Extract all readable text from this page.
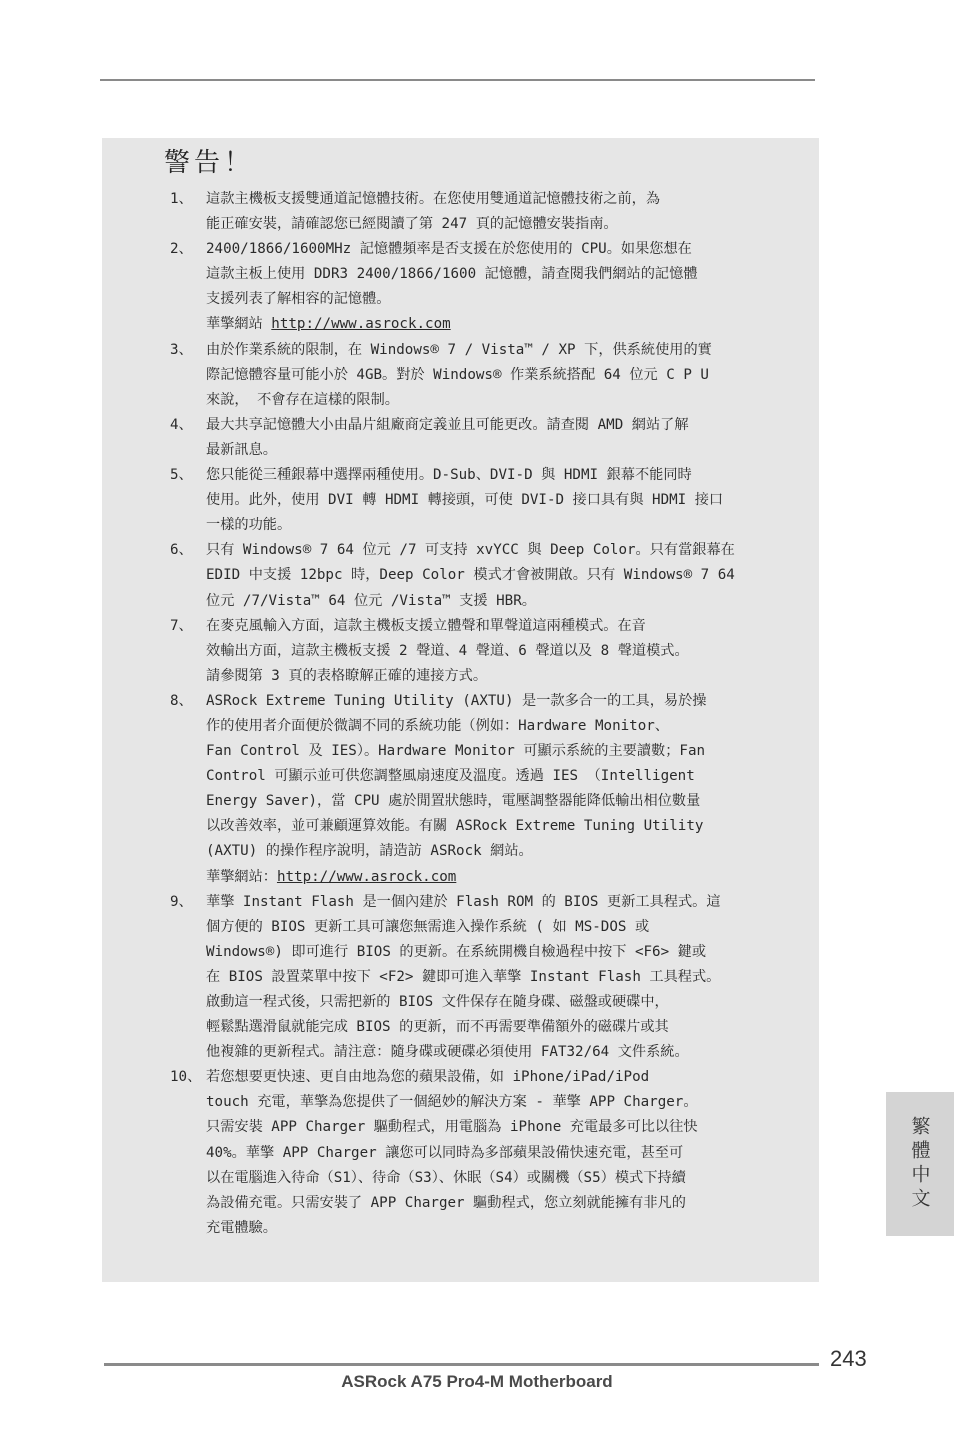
警告！
1、 這款主機板支援雙通道記憶體技術。在您使用雙通道記憶體技術之前，為
能正確安裝，請確認您已經閱讀了第 247 頁的記憶體安裝指南。
2、 2400/1866/1600MHz 記憶體頻率是否支援在於您使用的 CPU。如果您想在
這款主板上使用 DDR3 2400/1866/1600 記憶體，請查閱我們網站的記憶體
支援列表了解相容的記憶體。
華擎網站 http://www.asrock.com
3、 由於作業系統的限制，在 Windows® 7 / Vista™ / XP 下，供系統使用的實
際記憶體容量可能小於 4GB。對於 Windows® 作業系統搭配 64 位元 C P U
來說， 不會存在這樣的限制。
4、 最大共享記憶體大小由晶片組廠商定義並且可能更改。請查閱 AMD 網站了解
最新訊息。
5、 您只能從三種銀幕中選擇兩種使用。D-Sub、DVI-D 與 HDMI 銀幕不能同時
使用。此外，使用 DVI 轉 HDMI 轉接頭，可使 DVI-D 接口具有與 HDMI 接口
一樣的功能。
6、 只有 Windows® 7 64 位元 /7 可支持 xvYCC 與 Deep Color。只有當銀幕在
EDID 中支援 12bpc 時，Deep Color 模式才會被開啟。只有 Windows® 7 64
位元 /7/Vista™ 64 位元 /Vista™ 支援 HBR。
7、 在麥克風輸入方面，這款主機板支援立體聲和單聲道這兩種模式。在音
效輸出方面，這款主機板支援 2 聲道、4 聲道、6 聲道以及 8 聲道模式。
請參閱第 3 頁的表格瞭解正確的連接方式。
8、 ASRock Extreme Tuning Utility (AXTU) 是一款多合一的工具，易於操
作的使用者介面便於微調不同的系統功能（例如：Hardware Monitor、
Fan Control 及 IES）。Hardware Monitor 可顯示系統的主要讀數；Fan
Control 可顯示並可供您調整風扇速度及溫度。透過 IES （Intelligent
Energy Saver)，當 CPU 處於閒置狀態時，電壓調整器能降低輸出相位數量
以改善效率，並可兼顧運算效能。有關 ASRock Extreme Tuning Utility
(AXTU) 的操作程序說明，請造訪 ASRock 網站。
華擎網站：http://www.asrock.com
9、 華擎 Instant Flash 是一個內建於 Flash ROM 的 BIOS 更新工具程式。這
個方便的 BIOS 更新工具可讓您無需進入操作系統 ( 如 MS-DOS 或
Windows®) 即可進行 BIOS 的更新。在系統開機自檢過程中按下 <F6> 鍵或
在 BIOS 設置菜單中按下 <F2> 鍵即可進入華擎 Instant Flash 工具程式。
啟動這一程式後，只需把新的 BIOS 文件保存在隨身碟、磁盤或硬碟中，
輕鬆點選滑鼠就能完成 BIOS 的更新，而不再需要準備額外的磁碟片或其
他複雜的更新程式。請注意：隨身碟或硬碟必須使用 FAT32/64 文件系統。
10、 若您想要更快速、更自由地為您的蘋果設備，如 iPhone/iPad/iPod
touch 充電，華擎為您提供了一個絕妙的解決方案 - 華擎 APP Charger。
只需安裝 APP Charger 驅動程式，用電腦為 iPhone 充電最多可比以往快
40%。華擎 APP Charger 讓您可以同時為多部蘋果設備快速充電，甚至可
以在電腦進入待命（S1）、待命（S3）、休眠（S4）或關機（S5）模式下持續
為設備充電。只需安裝了 APP Charger 驅動程式，您立刻就能擁有非凡的
充電體驗。
繁體中文
243
ASRock A75 Pro4-M Motherboard
